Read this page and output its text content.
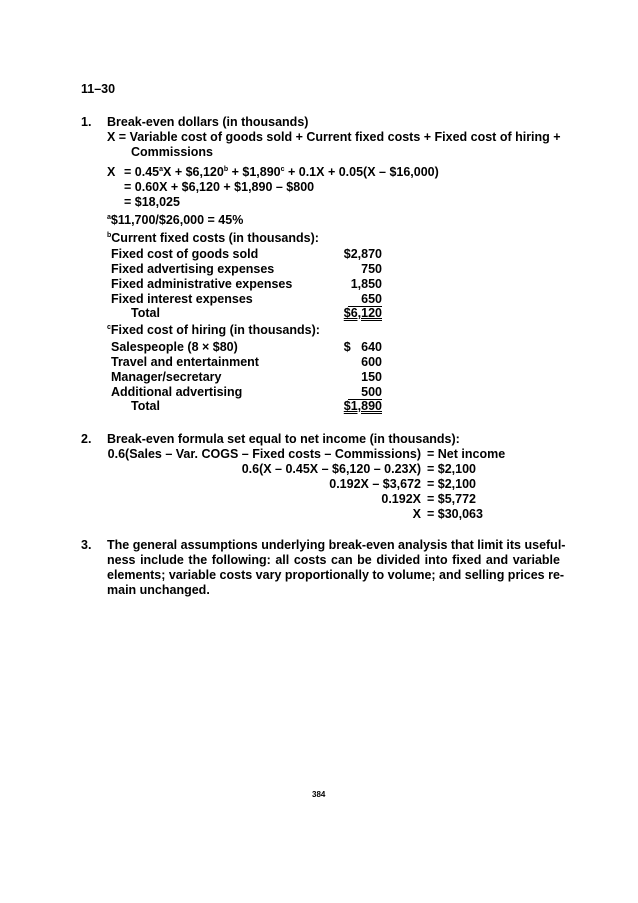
11–30
1. Break-even dollars (in thousands)
X = Variable cost of goods sold + Current fixed costs + Fixed cost of hiring +
Commissions
X = 0.45$^a$X + $6,120$^b$ + $1,890$^c$ + 0.1X + 0.05(X – $16,000)
= 0.60X + $6,120 + $1,890 – $800
= $18,025
$^a$\$11,700/$26,000 = 45%
$^b$Current fixed costs (in thousands):
Fixed cost of goods sold	$2,870
Fixed advertising expenses	750
Fixed administrative expenses	1,850
Fixed interest expenses	650
Total	$6,120
$^c$Fixed cost of hiring (in thousands):
Salespeople (8 × $80)	$   640
Travel and entertainment	600
Manager/secretary	150
Additional advertising	500
Total	$1,890
2. Break-even formula set equal to net income (in thousands):
0.6(Sales – Var. COGS – Fixed costs – Commissions) = Net income
0.6(X – 0.45X – $6,120 – 0.23X) = $2,100
0.192X – $3,672 = $2,100
0.192X = $5,772
X = $30,063
3. The general assumptions underlying break-even analysis that limit its useful-
ness include the following: all costs can be divided into fixed and variable
elements; variable costs vary proportionally to volume; and selling prices re-
main unchanged.
384
